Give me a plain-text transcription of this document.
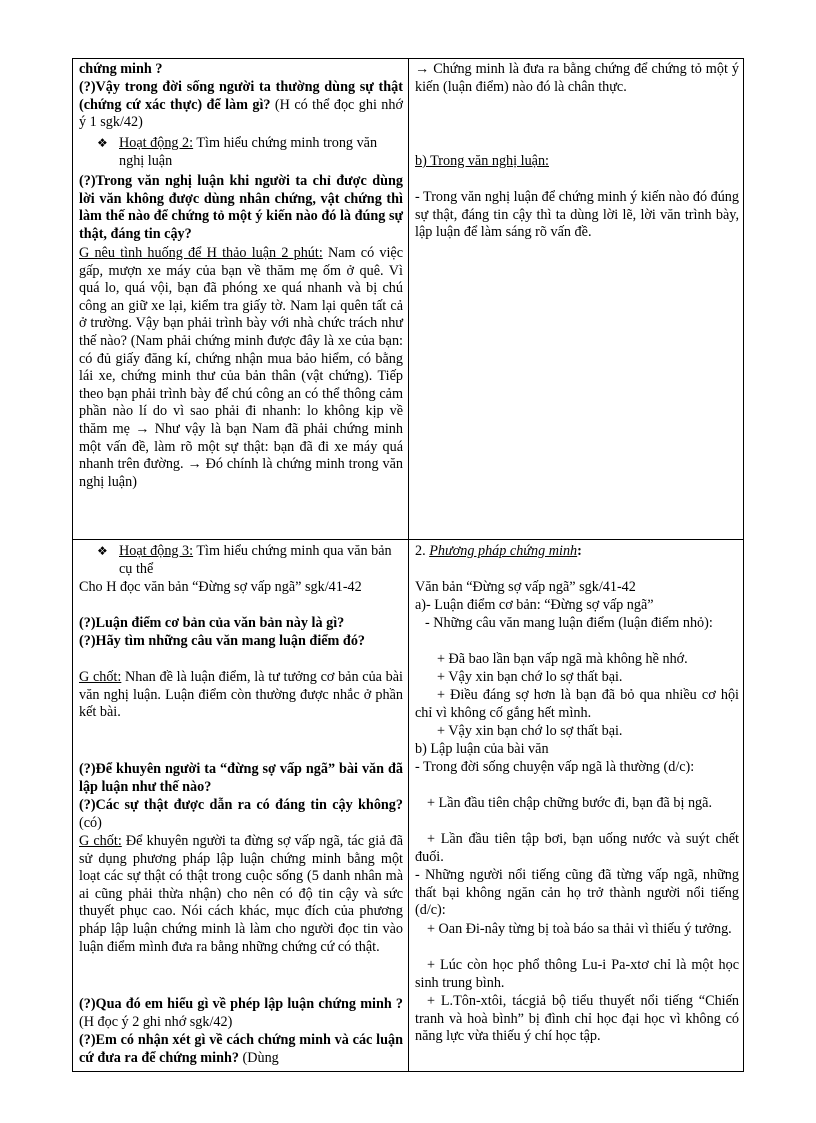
chứng minh ?
(?)Vậy trong đời sống người ta thường dùng sự thật (chứng cứ xác thực) để làm gì? (H có thể đọc ghi nhớ ý 1 sgk/42)
❖ Hoạt động 2: Tìm hiểu chứng minh trong văn nghị luận
(?)Trong văn nghị luận khi người ta chỉ được dùng lời văn không được dùng nhân chứng, vật chứng thì làm thế nào để chứng tỏ một ý kiến nào đó là đúng sự thật, đáng tin cậy?
G nêu tình huống để H thảo luận 2 phút: Nam có việc gấp, mượn xe máy của bạn về thăm mẹ ốm ở quê. Vì quá lo, quá vội, bạn đã phóng xe quá nhanh và bị chú công an giữ xe lại, kiểm tra giấy tờ. Nam lại quên tất cả ở trường. Vậy bạn phải trình bày với nhà chức trách như thế nào? (Nam phải chứng minh được đây là xe của bạn: có đủ giấy đăng kí, chứng nhận mua bảo hiểm, có bằng lái xe, chứng minh thư của bản thân (vật chứng). Tiếp theo bạn phải trình bày để chú công an có thể thông cảm phần nào lí do vì sao phải đi nhanh: lo không kịp về thăm mẹ → Như vậy là bạn Nam đã phải chứng minh một vấn đề, làm rõ một sự thật: bạn đã đi xe máy quá nhanh trên đường. → Đó chính là chứng minh trong văn nghị luận)
❖ Hoạt động 3: Tìm hiểu chứng minh qua văn bản cụ thể
Cho H đọc văn bản “Đừng sợ vấp ngã” sgk/41-42
(?)Luận điểm cơ bản của văn bản này là gì?
(?)Hãy tìm những câu văn mang luận điểm đó?
G chốt: Nhan đề là luận điểm, là tư tưởng cơ bản của bài văn nghị luận. Luận điểm còn thường được nhắc ở phần kết bài.
(?)Để khuyên người ta “đừng sợ vấp ngã” bài văn đã lập luận như thế nào?
(?)Các sự thật được dẫn ra có đáng tin cậy không? (có)
G chốt: Để khuyên người ta đừng sợ vấp ngã, tác giả đã sử dụng phương pháp lập luận chứng minh bằng một loạt các sự thật có thật trong cuộc sống (5 danh nhân mà ai cũng phải thừa nhận) cho nên có độ tin cậy và sức thuyết phục cao. Nói cách khác, mục đích của phương pháp lập luận chứng minh là làm cho người đọc tin vào luận điểm mình đưa ra bằng những chứng cứ có thật.
(?)Qua đó em hiểu gì về phép lập luận chứng minh ? (H đọc ý 2 ghi nhớ sgk/42)
(?)Em có nhận xét gì về cách chứng minh và các luận cứ đưa ra để chứng minh? (Dùng
→ Chứng minh là đưa ra bằng chứng để chứng tỏ một ý kiến (luận điểm) nào đó là chân thực.
b) Trong văn nghị luận:
- Trong văn nghị luận để chứng minh ý kiến nào đó đúng sự thật, đáng tin cậy thì ta dùng lời lẽ, lời văn trình bày, lập luận để làm sáng rõ vấn đề.
2. Phương pháp chứng minh:
Văn bản “Đừng sợ vấp ngã” sgk/41-42
a)- Luận điểm cơ bản: “Đừng sợ vấp ngã”
- Những câu văn mang luận điểm (luận điểm nhỏ):
+ Đã bao lần bạn vấp ngã mà không hề nhớ.
+ Vậy xin bạn chớ lo sợ thất bại.
+ Điều đáng sợ hơn là bạn đã bỏ qua nhiều cơ hội chỉ vì không cố gắng hết mình.
+ Vậy xin bạn chớ lo sợ thất bại.
b) Lập luận của bài văn
- Trong đời sống chuyện vấp ngã là thường (d/c):
+ Lần đầu tiên chập chững bước đi, bạn đã bị ngã.
+ Lần đầu tiên tập bơi, bạn uống nước và suýt chết đuối.
- Những người nổi tiếng cũng đã từng vấp ngã, những thất bại không ngăn cản họ trở thành người nổi tiếng (d/c):
+ Oan Đi-nây từng bị toà báo sa thải vì thiếu ý tưởng.
+ Lúc còn học phổ thông Lu-i Pa-xtơ chỉ là một học sinh trung bình.
+ L.Tôn-xtôi, tácgiả bộ tiểu thuyết nổi tiếng “Chiến tranh và hoà bình” bị đình chỉ học đại học vì không có năng lực vừa thiếu ý chí học tập.
